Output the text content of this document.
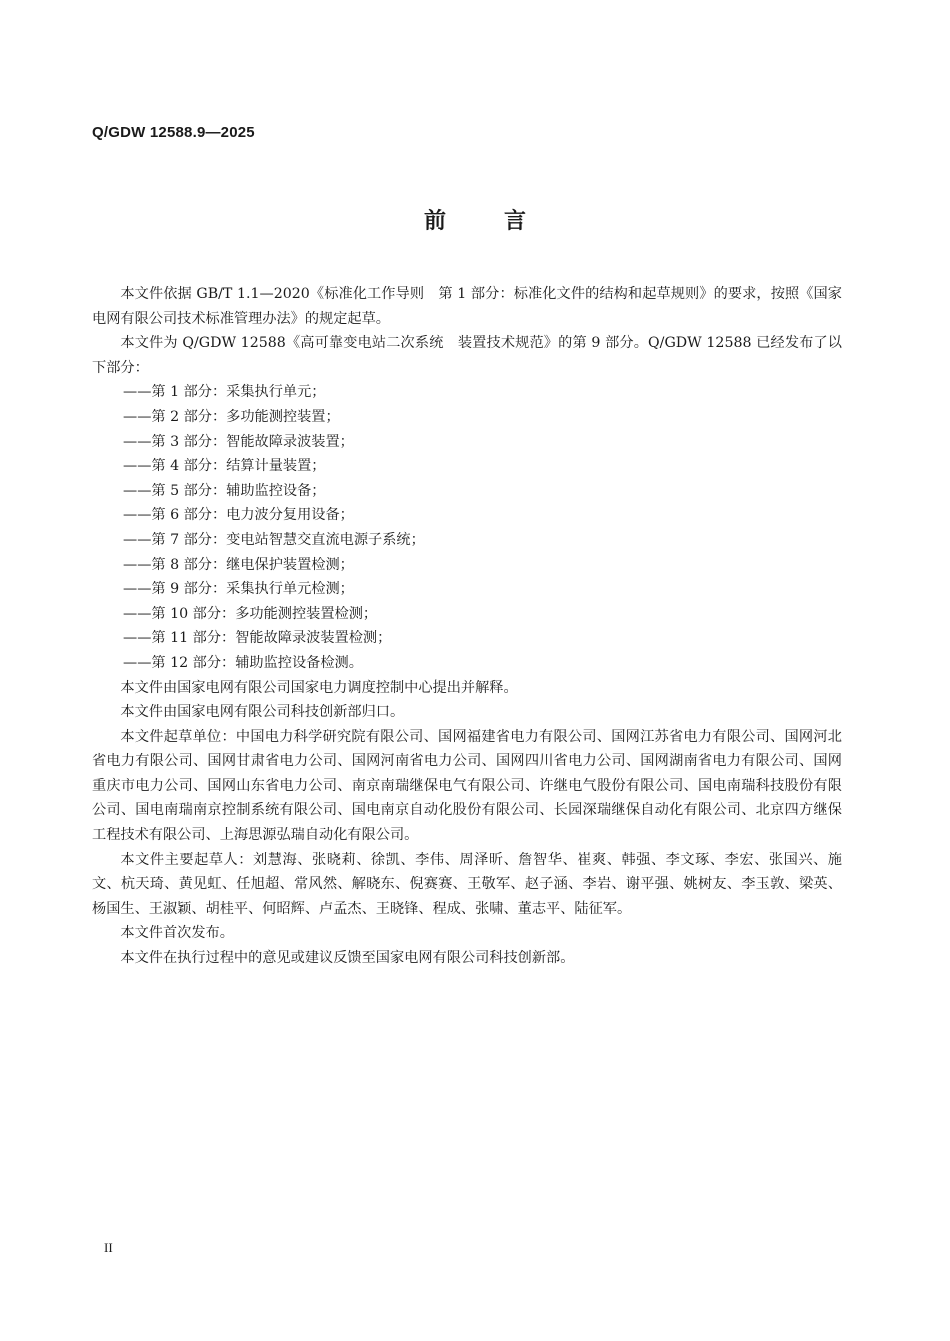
Q/GDW 12588.9—2025
前言

本文件依据 GB/T 1.1—2020《标准化工作导则　第 1 部分：标准化文件的结构和起草规则》的要求，按照《国家电网有限公司技术标准管理办法》的规定起草。

本文件为 Q/GDW 12588《高可靠变电站二次系统　装置技术规范》的第 9 部分。Q/GDW 12588 已经发布了以下部分：

——第 1 部分：采集执行单元；

——第 2 部分：多功能测控装置；

——第 3 部分：智能故障录波装置；

——第 4 部分：结算计量装置；

——第 5 部分：辅助监控设备；

——第 6 部分：电力波分复用设备；

——第 7 部分：变电站智慧交直流电源子系统；

——第 8 部分：继电保护装置检测；

——第 9 部分：采集执行单元检测；

——第 10 部分：多功能测控装置检测；

——第 11 部分：智能故障录波装置检测；

——第 12 部分：辅助监控设备检测。

本文件由国家电网有限公司国家电力调度控制中心提出并解释。

本文件由国家电网有限公司科技创新部归口。

本文件起草单位：中国电力科学研究院有限公司、国网福建省电力有限公司、国网江苏省电力有限公司、国网河北省电力有限公司、国网甘肃省电力公司、国网河南省电力公司、国网四川省电力公司、国网湖南省电力有限公司、国网重庆市电力公司、国网山东省电力公司、南京南瑞继保电气有限公司、许继电气股份有限公司、国电南瑞科技股份有限公司、国电南瑞南京控制系统有限公司、国电南京自动化股份有限公司、长园深瑞继保自动化有限公司、北京四方继保工程技术有限公司、上海思源弘瑞自动化有限公司。

本文件主要起草人：刘慧海、张晓莉、徐凯、李伟、周泽昕、詹智华、崔爽、韩强、李文琢、李宏、张国兴、施文、杭天琦、黄见虹、任旭超、常风然、解晓东、倪赛赛、王敬军、赵子涵、李岩、谢平强、姚树友、李玉敦、梁英、杨国生、王淑颖、胡桂平、何昭辉、卢孟杰、王晓锋、程成、张啸、董志平、陆征军。

本文件首次发布。

本文件在执行过程中的意见或建议反馈至国家电网有限公司科技创新部。

II
